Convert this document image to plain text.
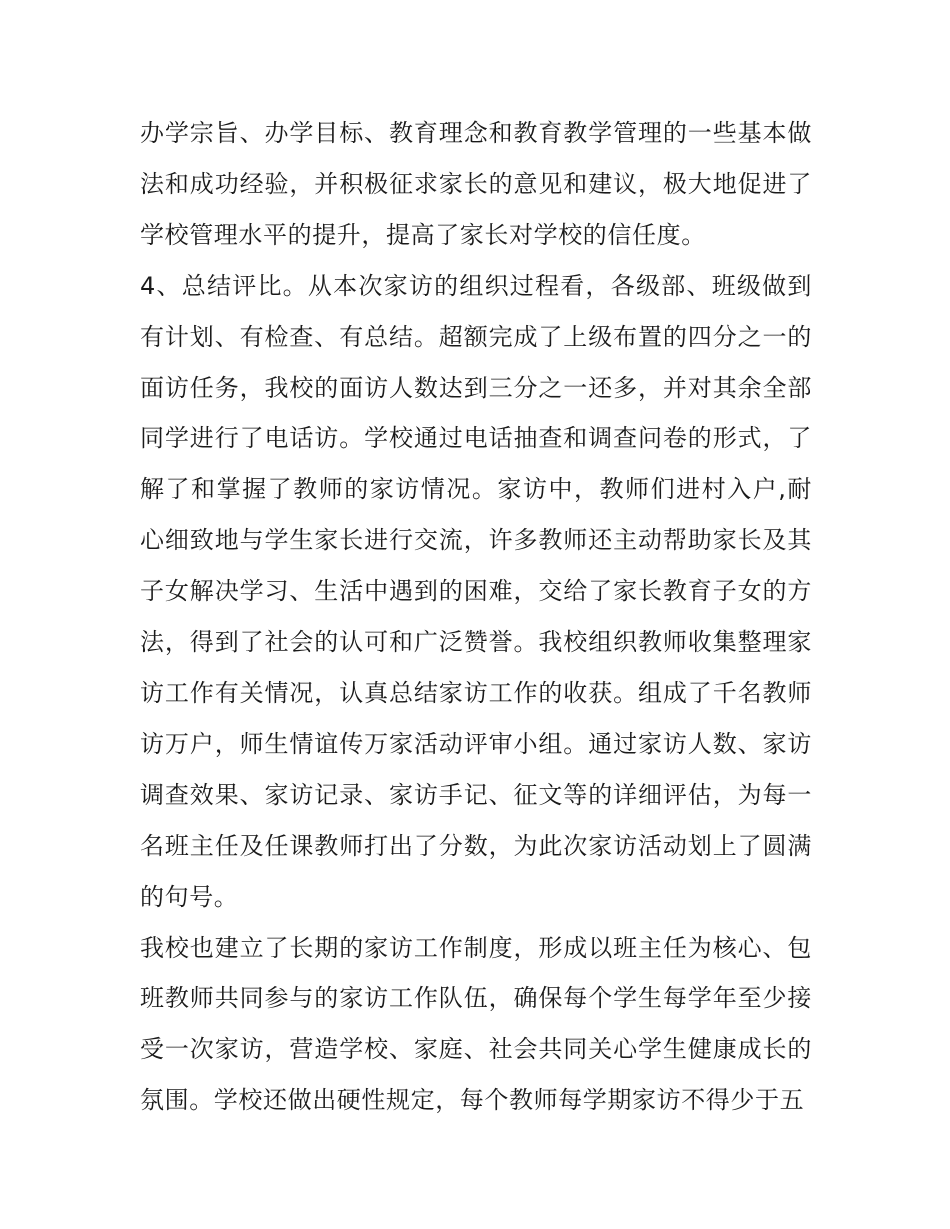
办学宗旨、办学目标、教育理念和教育教学管理的一些基本做法和成功经验，并积极征求家长的意见和建议，极大地促进了学校管理水平的提升，提高了家长对学校的信任度。

4、总结评比。从本次家访的组织过程看，各级部、班级做到有计划、有检查、有总结。超额完成了上级布置的四分之一的面访任务，我校的面访人数达到三分之一还多，并对其余全部同学进行了电话访。学校通过电话抽查和调查问卷的形式，了解了和掌握了教师的家访情况。家访中，教师们进村入户,耐心细致地与学生家长进行交流，许多教师还主动帮助家长及其子女解决学习、生活中遇到的困难，交给了家长教育子女的方法，得到了社会的认可和广泛赞誉。我校组织教师收集整理家访工作有关情况，认真总结家访工作的收获。组成了千名教师访万户，师生情谊传万家活动评审小组。通过家访人数、家访调查效果、家访记录、家访手记、征文等的详细评估，为每一名班主任及任课教师打出了分数，为此次家访活动划上了圆满的句号。

我校也建立了长期的家访工作制度，形成以班主任为核心、包班教师共同参与的家访工作队伍，确保每个学生每学年至少接受一次家访，营造学校、家庭、社会共同关心学生健康成长的氛围。学校还做出硬性规定，每个教师每学期家访不得少于五
